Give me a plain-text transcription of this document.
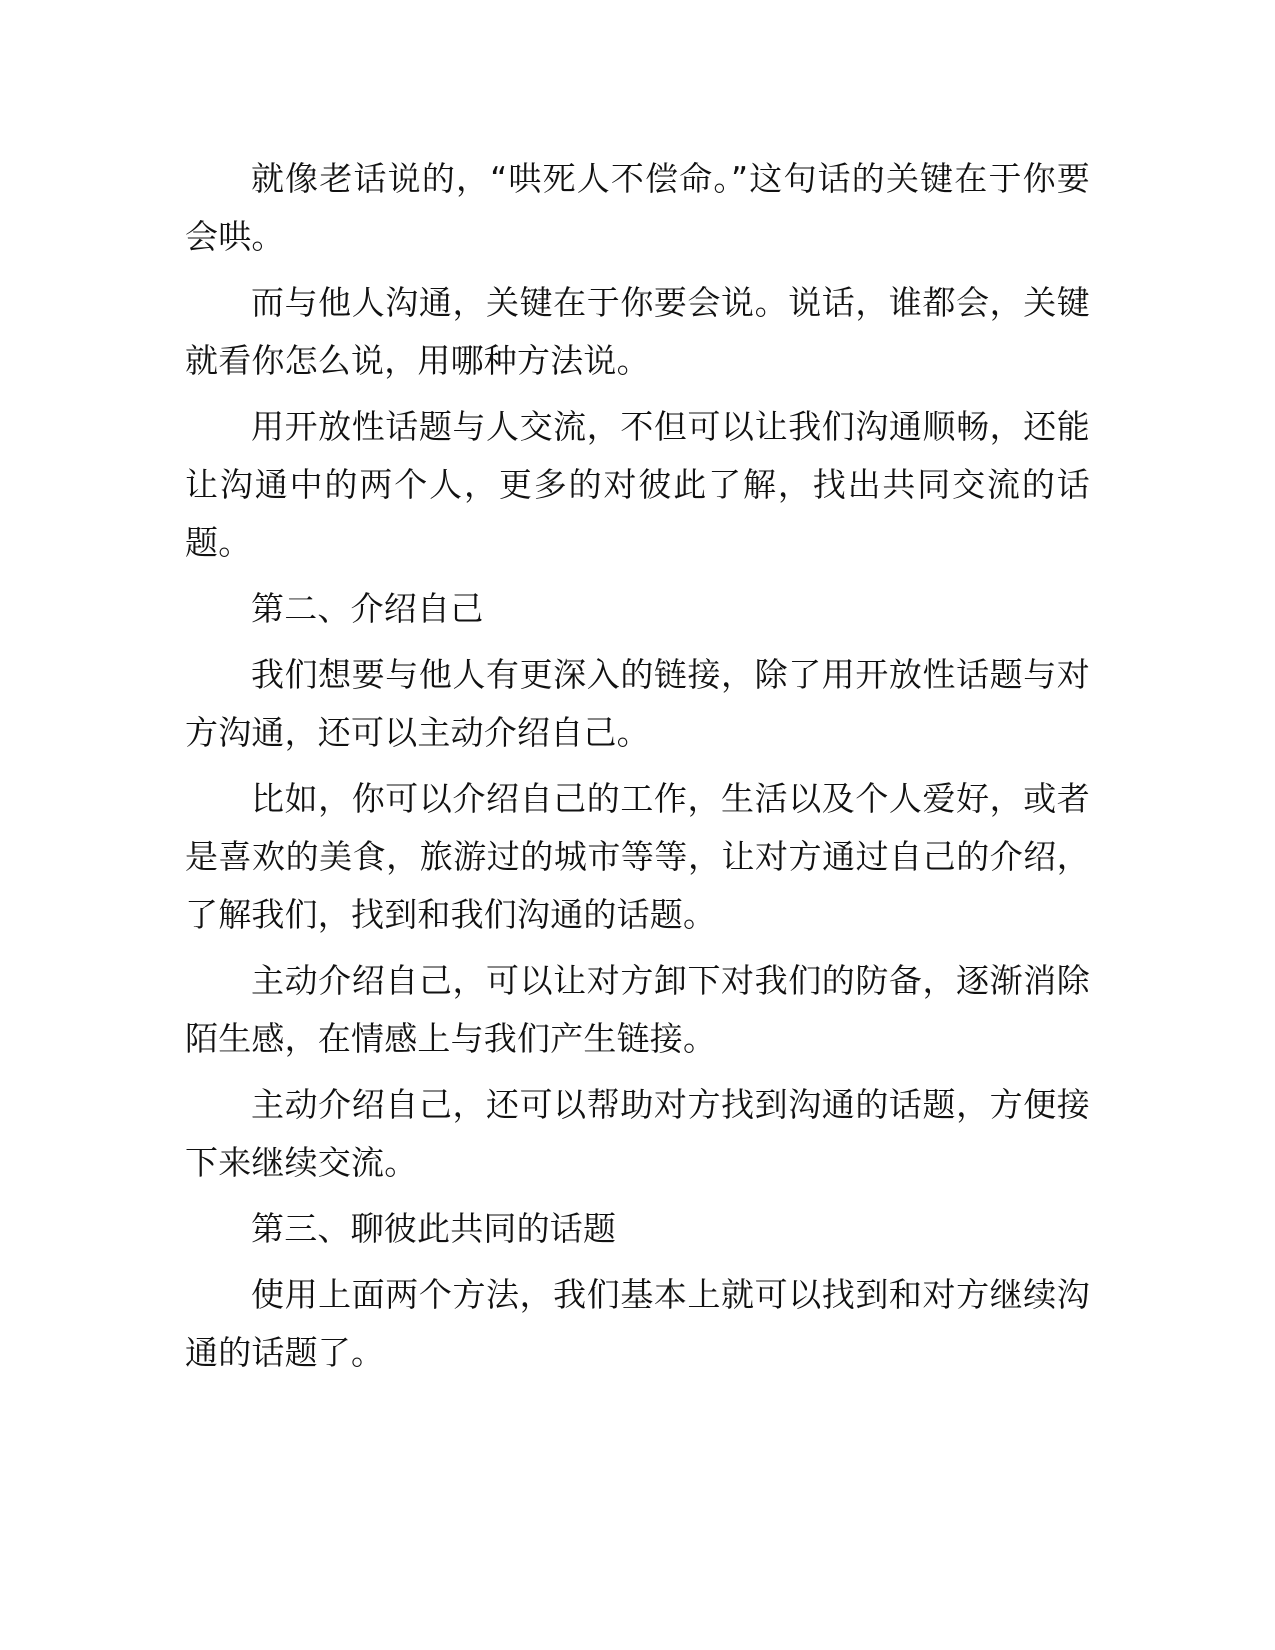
就像老话说的，“哄死人不偿命。”这句话的关键在于你要会哄。

而与他人沟通，关键在于你要会说。说话，谁都会，关键就看你怎么说，用哪种方法说。

用开放性话题与人交流，不但可以让我们沟通顺畅，还能让沟通中的两个人，更多的对彼此了解，找出共同交流的话题。

第二、介绍自己

我们想要与他人有更深入的链接，除了用开放性话题与对方沟通，还可以主动介绍自己。

比如，你可以介绍自己的工作，生活以及个人爱好，或者是喜欢的美食，旅游过的城市等等，让对方通过自己的介绍，了解我们，找到和我们沟通的话题。

主动介绍自己，可以让对方卸下对我们的防备，逐渐消除陌生感，在情感上与我们产生链接。

主动介绍自己，还可以帮助对方找到沟通的话题，方便接下来继续交流。

第三、聊彼此共同的话题

使用上面两个方法，我们基本上就可以找到和对方继续沟通的话题了。
